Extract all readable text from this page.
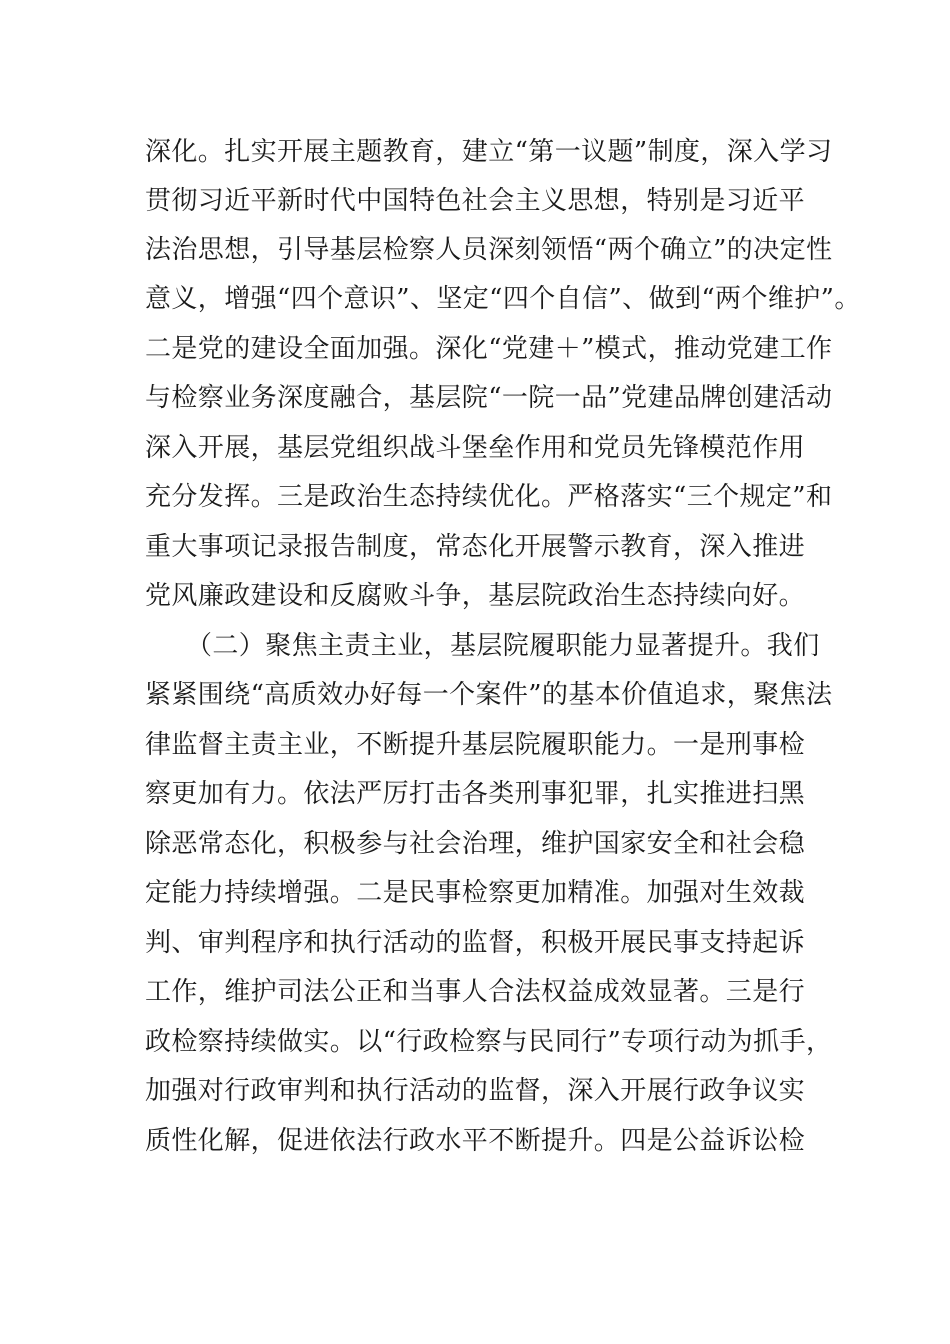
深化。扎实开展主题教育，建立“第一议题”制度，深入学习
贯彻习近平新时代中国特色社会主义思想，特别是习近平
法治思想，引导基层检察人员深刻领悟“两个确立”的决定性
意义，增强“四个意识”、坚定“四个自信”、做到“两个维护”。
二是党的建设全面加强。深化“党建＋”模式，推动党建工作
与检察业务深度融合，基层院“一院一品”党建品牌创建活动
深入开展，基层党组织战斗堡垒作用和党员先锋模范作用
充分发挥。三是政治生态持续优化。严格落实“三个规定”和
重大事项记录报告制度，常态化开展警示教育，深入推进
党风廉政建设和反腐败斗争，基层院政治生态持续向好。
（二）聚焦主责主业，基层院履职能力显著提升。我们
紧紧围绕“高质效办好每一个案件”的基本价值追求，聚焦法
律监督主责主业，不断提升基层院履职能力。一是刑事检
察更加有力。依法严厉打击各类刑事犯罪，扎实推进扫黑
除恶常态化，积极参与社会治理，维护国家安全和社会稳
定能力持续增强。二是民事检察更加精准。加强对生效裁
判、审判程序和执行活动的监督，积极开展民事支持起诉
工作，维护司法公正和当事人合法权益成效显著。三是行
政检察持续做实。以“行政检察与民同行”专项行动为抓手，
加强对行政审判和执行活动的监督，深入开展行政争议实
质性化解，促进依法行政水平不断提升。四是公益诉讼检
